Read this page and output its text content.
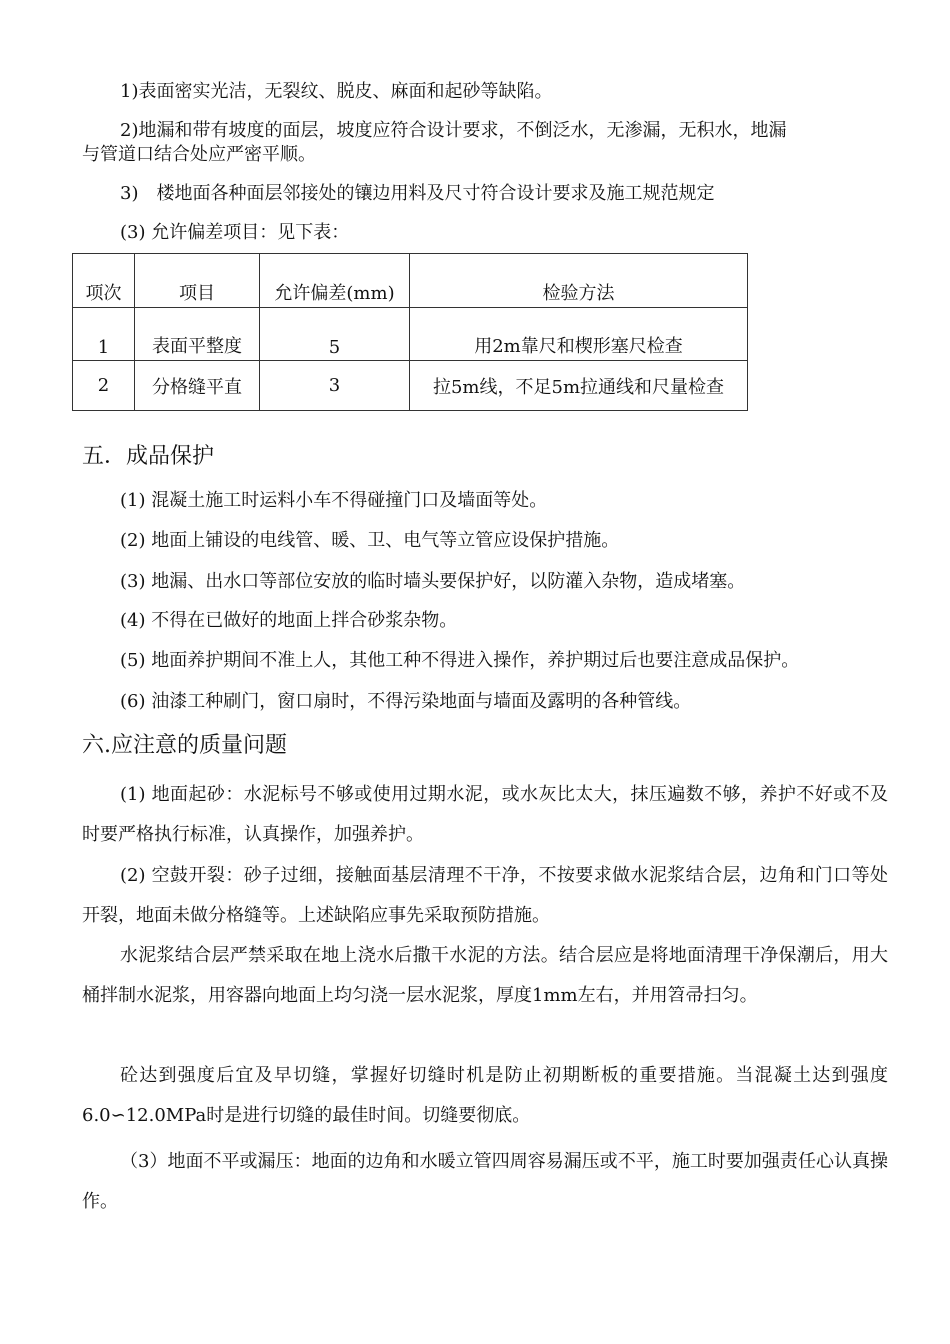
1)表面密实光洁，无裂纹、脱皮、麻面和起砂等缺陷。
2)地漏和带有坡度的面层，坡度应符合设计要求，不倒泛水，无渗漏，无积水，地漏
与管道口结合处应严密平顺。
3)　楼地面各种面层邻接处的镶边用料及尺寸符合设计要求及施工规范规定
(3) 允许偏差项目：见下表：
项次	项目	允许偏差(mm)	检验方法
1	表面平整度	5	用2m靠尺和楔形塞尺检查
2	分格缝平直	3	拉5m线，不足5m拉通线和尺量检查
五．成品保护
(1) 混凝土施工时运料小车不得碰撞门口及墙面等处。
(2) 地面上铺设的电线管、暖、卫、电气等立管应设保护措施。
(3) 地漏、出水口等部位安放的临时墙头要保护好，以防灌入杂物，造成堵塞。
(4) 不得在已做好的地面上拌合砂浆杂物。
(5) 地面养护期间不准上人，其他工种不得进入操作，养护期过后也要注意成品保护。
(6) 油漆工种刷门，窗口扇时，不得污染地面与墙面及露明的各种管线。
六.应注意的质量问题
(1) 地面起砂：水泥标号不够或使用过期水泥，或水灰比太大，抹压遍数不够，养护不好或不及时要严格执行标准，认真操作，加强养护。
(2) 空鼓开裂：砂子过细，接触面基层清理不干净，不按要求做水泥浆结合层，边角和门口等处开裂，地面未做分格缝等。上述缺陷应事先采取预防措施。
水泥浆结合层严禁采取在地上浇水后撒干水泥的方法。结合层应是将地面清理干净保潮后，用大桶拌制水泥浆，用容器向地面上均匀浇一层水泥浆，厚度1mm左右，并用笤帚扫匀。
砼达到强度后宜及早切缝，掌握好切缝时机是防止初期断板的重要措施。当混凝土达到强度6.0∽12.0MPa时是进行切缝的最佳时间。切缝要彻底。
（3）地面不平或漏压：地面的边角和水暖立管四周容易漏压或不平，施工时要加强责任心认真操作。
